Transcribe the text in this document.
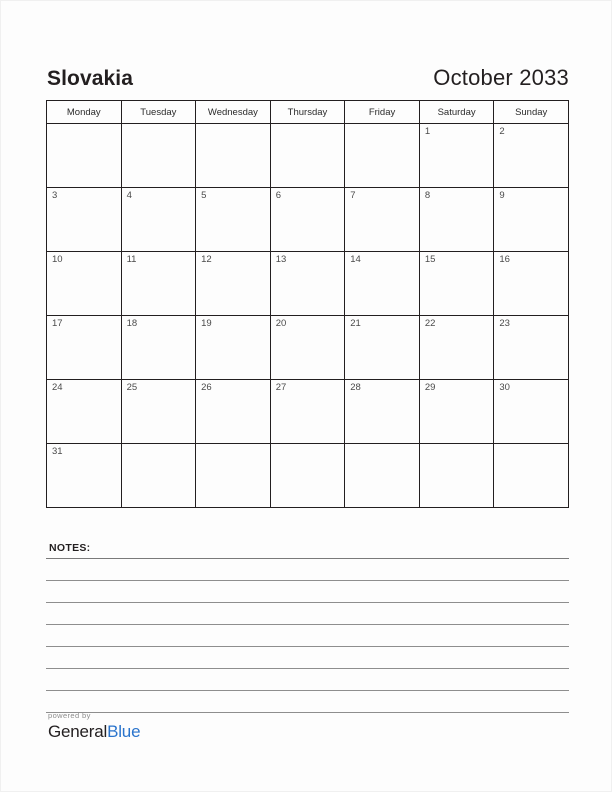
Slovakia	October 2033
Monday	Tuesday	Wednesday	Thursday	Friday	Saturday	Sunday

					1	2

3	4	5	6	7	8	9

10	11	12	13	14	15	16

17	18	19	20	21	22	23

24	25	26	27	28	29	30

31						

NOTES:
powered by
GeneralBlue
